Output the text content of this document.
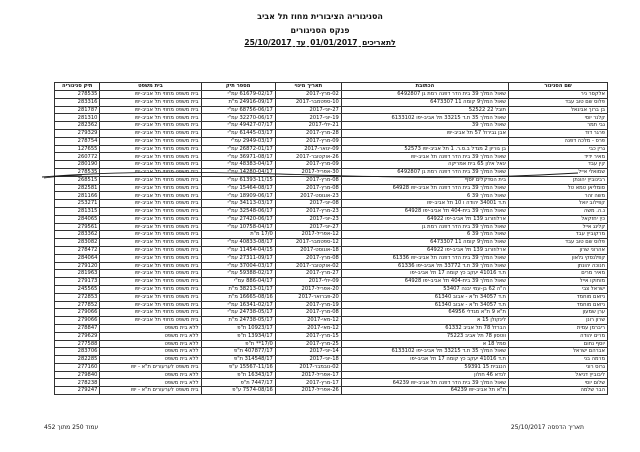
הסניגוריה הציבורית מחוז תל אביב
פנקס הסניגורים
לתאריכים 01/01/2017 עד 25/10/2017
שם הסניגור	הכתובת	תאריך מינוי	מספר תיק	בית משפט	תיק סניגוריה
אלקסר ניר	שאול המלך 39 בית הדר דפנה רמת גן 6492807	02-מרץ-2017	61679-02/17 עמ"י	בית משפט מחוזי תל אביב-יפו	278535
פלוס שם טוב עבד	שאול המלך9 קומה 11 6473307	10-ספטמבר-2017	24916-09/17 מ"ת	בית משפט מחוזי תל אביב-יפו	283316
בן ברוך אביגאל	תובל 22 52522	27-יוני-2017	68756-06/17 עמ"י	בית משפט מחוזי תל אביב-יפו	281787
קלנר יוסי	שאול המלך 35 ת.ד 33215 תל אביב-יפו 6133102	19-יוני-2017	32270-06/17 עמ"י	בית משפט מחוזי תל אביב-יפו	281310
גבי תמר	שאול המלך 39	21-יולי-2017	49427-07/17 עמ"י	בית משפט מחוזי תל אביב-יפו	282362
פרגר דוד	אבן גבירול 57 תל אביב-יפו	28-מרץ-2017	61445-03/17 עמ"י	בית משפט מחוזי תל אביב-יפו	279329
פרס - מלכה דפנה		09-מרץ-2017	2949-03/17 עמ"י	בית משפט מחוזי תל אביב-יפו	278754
גרין כבי	בן גוריון 2 מגדל ב.ס.ר. 1 תל אביב-יפו 52573	09-ינואר-2017	26872-01/17 עמ"י	בית משפט מחוזי תל אביב-יפו	127655
מאיר ידיד	שאול המלך 39 בית הדר דפנה תל אביב-יפו	26-אוקטובר-2017	36971-08/17 עמ"י	בית משפט מחוזי תל אביב-יפו	260772
קין עבד	יגאל אלון 65 בית אמריקה	09-מרץ-2017	48383-04/17 עמ"י	בית משפט מחוזי תל אביב-יפו	280190
שמואלי אייל	שאול המלך 39 בית הדר דפנה רמת גן 6492807	30-אפריל-2017	14280-04/17 עמ"י	בית משפט מחוזי תל אביב-יפו	278535
רבינוביץ יהונתן	בית הסדקלים יוסף	08-מרץ-2017	61393-11/15 עמ"י	בית משפט מחוזי תל אביב-יפו	268515
סומליאן טמא טל	שאול המלך 39 בית הדר דפנה תל אביב-יפו 64928	08-מרץ-2017	15464-08/17 עמ"י	בית משפט מחוזי תל אביב-יפו	282581
משה זהר	שאול המלך 39 6	23-אוגוסט-2017	18909-06/17 עמ"י	בית משפט מחוזי תל אביב-יפו	281166
קפילוב יואל	ת.ד 34001 יהודה ו 10 תל אביב-יפו	08-יוני-2017	34113-03/17 עמ"י	בית משפט מחוזי תל אביב-יפו	253271
נ.ה. משה	שאול המלך 39 בית-404 תל אביב-יפו 64928	23-מרץ-2017	32548-06/17 עמ"י	בית משפט מחוזי תל אביב-יפו	281315
כץ יחזקאל	ארלוזורוב 139 תל אביב-יפו 64922	23-יוני-2017	27420-06/17 עמ"י	בית משפט מחוזי תל אביב-יפו	284065
קלינג אייל	שאול המלך 39 בית הדר דפנה רמת גן	27-יוני-2017	10758-04/17 עמ"י	בית משפט מחוזי תל אביב-יפו	279561
מרקוביץ עבד	שאול המלך 39 6	12-אפריל-2017	17/0 מ"ת	בית משפט מחוזי תל אביב-יפו	283362
פלוס שם טוב עבד	שאול המלך9 קומה 11 6473307	12-ספטמבר-2017	40833-08/17 עמ"י	בית משפט מחוזי תל אביב-יפו	283082
אהרוני שרון	ארלוזורוב 139 תל אביב-יפו 64922	18-אוגוסט-2017	11454-04/15 עמ"י	בית משפט מחוזי תל אביב-יפו	278472
קפלנסקי גלאון	שאול המלך 39 בית הדר דפנה תל אביב-יפו 61336	08-מרץ-2017	27311-09/17 עמ"י	בית משפט מחוזי תל אביב-יפו	284064
חנוכה יהונתן	שאול המלך 39 ת.ד 33772 תל אביב-יפו 61336	02-אוקטובר-2017	37004-03/17 עמ"י	בית משפט מחוזי תל אביב-יפו	279120
מאיר מרים	ת.ד 41016 יעקב כץ קומה 17 תל אביב-יפו	27-מרץ-2017	59388-02/17 עמ"י	בית משפט מחוזי תל אביב-יפו	281963
מוחוקו אייל	שאול המלך 39 בית-404 תל אביב-יפו 64928	09-יולי-2017	886-04/17 עמ"י	בית משפט מחוזי תל אביב-יפו	279173
ישראל צבי	ה"ה 62 בן-עמי יבנה 53407	20-אפריל-2017	38213-01/17 מ"ת	בית משפט מחוזי תל אביב-יפו	245565
ניזאם מוחמד	ת.ד 34057 ת"א - אבוב 61340	20-פברואר-2017	16665-08/16 מ"ת	בית משפט מחוזי תל אביב-יפו	272853
ניזאם מוחמד	ת.ד 34057 ת"א - אבוב 61340	19-מרץ-2017	16341-02/17 עמ"י	בית משפט מחוזי תל אביב-יפו	277852
ערן שמעון	ת"א 9 ת"א מגדלי 64956	08-מרץ-2017	24738-05/17 עמ"י	בית משפט מחוזי תל אביב-יפו	279066
שרון רונן	לינקולן 15 א	12-מאי-2017	24738-05/17 מ"ת	בית משפט מחוזי תל אביב-יפו	279066
ריברמן עמית	הברזל 78 תל אביב 61332	12-מאי-2017	10923/17 ת"פ	ללא בית משפט	278847
מרים יהודה	ווטסון 78 תל אביב 75223	15-מרץ-2017	13934/17 ת"פ	ללא בית משפט	279629
יוסף נחום	סמל 18 א	25-מרץ-2017	17/0** ת"פ	ללא בית משפט	277588
אברהם ישראל	שאול המלך 35 ת.ד 33215 תל אביב-יפו 6133102	14-יוני-2017	407877/17 ת"פ	ללא בית משפט	283706
מרמה בני	ת.ד 41016 יעקב כץ קומה 17 תל אביב-יפו	18-יוני-2017	314548/17 ת"פ	ללא בית משפט	282285
גרוס רוני	הנגבית 15 59391	02-נובמבר-2017	15567-11/16 ע"פ	בית משפט לערעורים ת"א - יפו	277160
ליבוביץ דניאל	לנדא 46 חולון	17-אפריל-2017	16343/17 ת"פ	ללא בית משפט	279840
שלום יוסי	שאול המלך 39 בית הדר דפנה תל אביב-יפו 64239	17-מרץ-2017	7447/17 ת"פ	ללא בית משפט	278238
הבר שלמה	ת"א תל אביב-יפו 64239	26-אפריל-2017	7574-08/16 ע"פ	בית משפט לערעורים ת"א - יפו	279247
תאריך הדפסה 25/10/2017
עמוד 250 מתוך 452
